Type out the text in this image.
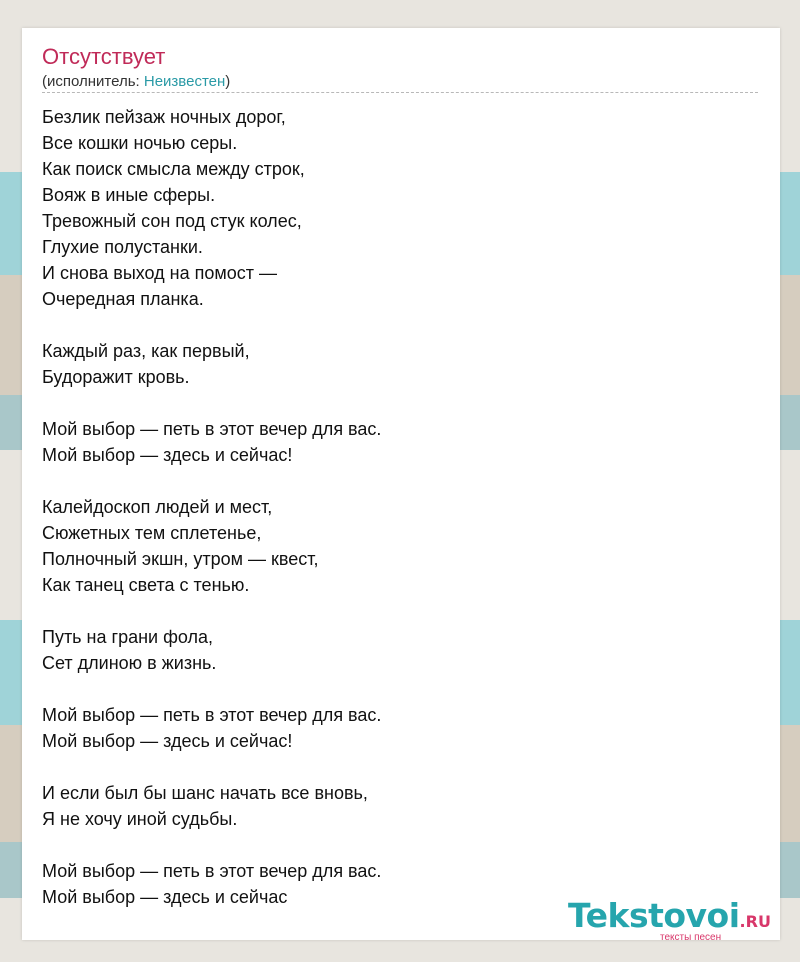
Отсутствует
(исполнитель: Неизвестен)
Безлик пейзаж ночных дорог,
Все кошки ночью серы.
Как поиск смысла между строк,
Вояж в иные сферы.
Тревожный сон под стук колес,
Глухие полустанки.
И снова выход на помост —
Очередная планка.
Каждый раз, как первый,
Будоражит кровь.
Мой выбор — петь в этот вечер для вас.
Мой выбор — здесь и сейчас!
Калейдоскоп людей и мест,
Сюжетных тем сплетенье,
Полночный экшн, утром — квест,
Как танец света с тенью.
Путь на грани фола,
Сет длиною в жизнь.
Мой выбор — петь в этот вечер для вас.
Мой выбор — здесь и сейчас!
И если был бы шанс начать все вновь,
Я не хочу иной судьбы.
Мой выбор — петь в этот вечер для вас.
Мой выбор — здесь и сейчас	Tekstovoi.RU
тексты песен
